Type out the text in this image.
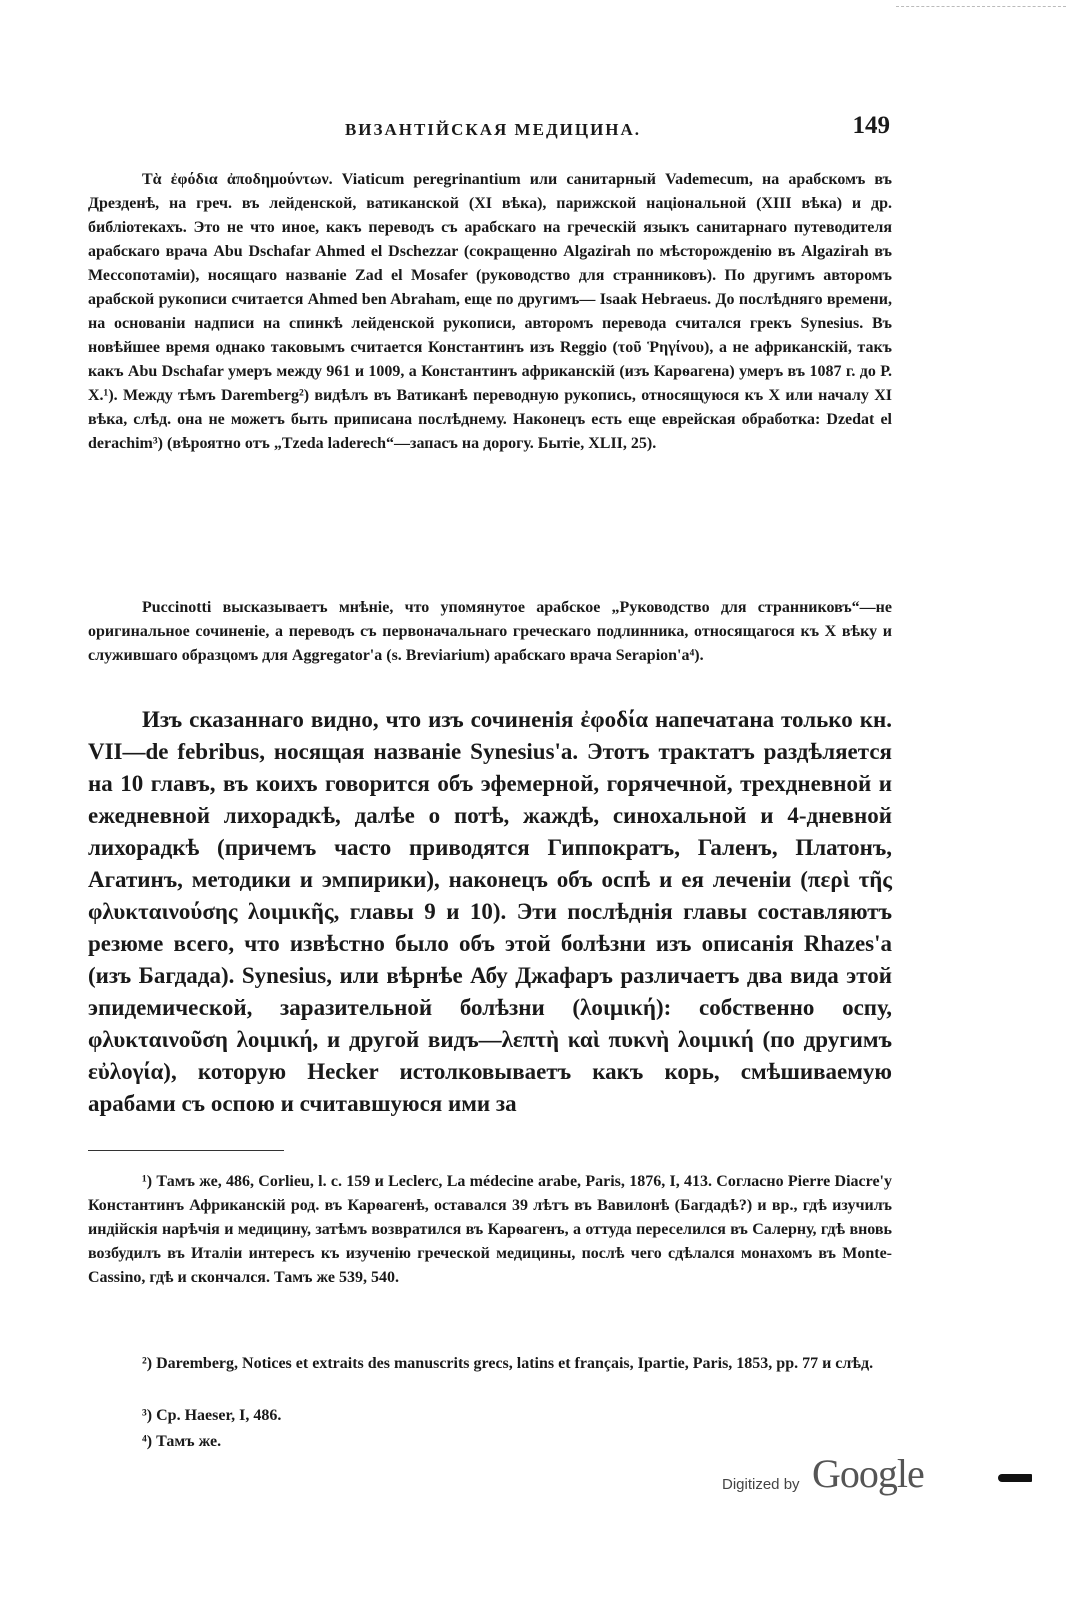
ВИЗАНТІЙСКАЯ МЕДИЦИНА.	149

Τὰ ἐφόδια ἀποδημούντων. Viaticum peregrinantium или санитарный Vademecum, на арабскомъ въ Дрезденѣ, на греч. въ лейденской, ватиканской (XI вѣка), парижской національной (XIII вѣка) и др. библіотекахъ. Это не что иное, какъ переводъ съ арабскаго на греческій языкъ санитарнаго путеводителя арабскаго врача Abu Dschafar Ahmed el Dschezzar (сокращенно Algazirah по мѣсторожденію въ Algazirah въ Мессопотаміи), носящаго названіе Zad el Mosafer (руководство для странниковъ). По другимъ авторомъ арабской рукописи считается Ahmed ben Abraham, еще по другимъ— Isaak Hebraeus. До послѣдняго времени, на основаніи надписи на спинкѣ лейденской рукописи, авторомъ перевода считался грекъ Synesius. Въ новѣйшее время однако таковымъ считается Константинъ изъ Reggio (τοῦ Ῥηγίνου), а не африканскій, такъ какъ Abu Dschafar умеръ между 961 и 1009, а Константинъ африканскій (изъ Карѳагена) умеръ въ 1087 г. до Р. X.¹). Между тѣмъ Daremberg²) видѣлъ въ Ватиканѣ переводную рукопись, относящуюся къ X или началу XI вѣка, слѣд. она не можетъ быть приписана послѣднему. Наконецъ есть еще еврейская обработка: Dzedat el derachim³) (вѣроятно отъ „Tzeda laderech“—запасъ на дорогу. Бытіе, XLII, 25).

Puccinotti высказываетъ мнѣніе, что упомянутое арабское „Руководство для странниковъ“—не оригинальное сочиненіе, а переводъ съ первоначальнаго греческаго подлинника, относящагося къ X вѣку и служившаго образцомъ для Aggregator'а (s. Breviarium) арабскаго врача Serapion'а⁴).

Изъ сказаннаго видно, что изъ сочиненія ἐφοδία напечатана только кн. VII—de febribus, носящая названіе Synesius'а. Этотъ трактатъ раздѣляется на 10 главъ, въ коихъ говорится объ эфемерной, горячечной, трехдневной и ежедневной лихорадкѣ, далѣе о потѣ, жаждѣ, синохальной и 4-дневной лихорадкѣ (причемъ часто приводятся Гиппократъ, Галенъ, Платонъ, Агатинъ, методики и эмпирики), наконецъ объ оспѣ и ея леченіи (περὶ τῆς φλυκταινούσης λοιμικῆς, главы 9 и 10). Эти послѣднія главы составляютъ резюме всего, что извѣстно было объ этой болѣзни изъ описанія Rhazes'а (изъ Багдада). Synesius, или вѣрнѣе Абу Джафаръ различаетъ два вида этой эпидемической, заразительной болѣзни (λοιμική): собственно оспу, φλυκταινοῦση λοιμική, и другой видъ—λεπτὴ καὶ πυκνὴ λοιμική (по другимъ εὐλογία), которую Hecker истолковываетъ какъ корь, смѣшиваемую арабами съ оспою и считавшуюся ими за

¹) Тамъ же, 486, Corlieu, l. c. 159 и Leclerc, La médecine arabe, Paris, 1876, I, 413. Согласно Pierre Diacre'у Константинъ Африканскій род. въ Карѳагенѣ, оставался 39 лѣтъ въ Вавилонѣ (Багдадѣ?) и вр., гдѣ изучилъ индійскія нарѣчія и медицину, затѣмъ возвратился въ Карѳагенъ, а оттуда переселился въ Салерну, гдѣ вновь возбудилъ въ Италіи интересъ къ изученію греческой медицины, послѣ чего сдѣлался монахомъ въ Monte-Cassino, гдѣ и скончался. Тамъ же 539, 540.

²) Daremberg, Notices et extraits des manuscrits grecs, latins et français, Ipartie, Paris, 1853, pp. 77 и слѣд.

³) Ср. Haeser, I, 486.

⁴) Тамъ же.

Digitized by Google
